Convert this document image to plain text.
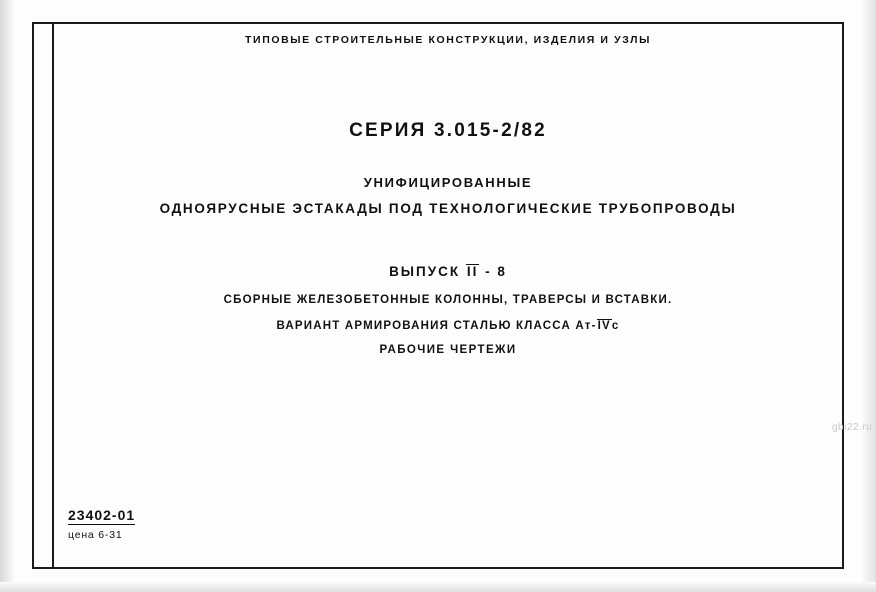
ТИПОВЫЕ СТРОИТЕЛЬНЫЕ КОНСТРУКЦИИ, ИЗДЕЛИЯ И УЗЛЫ
СЕРИЯ 3.015-2/82
УНИФИЦИРОВАННЫЕ
ОДНОЯРУСНЫЕ ЭСТАКАДЫ ПОД ТЕХНОЛОГИЧЕСКИЕ ТРУБОПРОВОДЫ
ВЫПУСК II - 8
СБОРНЫЕ ЖЕЛЕЗОБЕТОННЫЕ КОЛОННЫ, ТРАВЕРСЫ И ВСТАВКИ.
ВАРИАНТ АРМИРОВАНИЯ СТАЛЬЮ КЛАССА Ат-IVс
РАБОЧИЕ ЧЕРТЕЖИ
gbi22.ru
23402-01
цена 6-31
